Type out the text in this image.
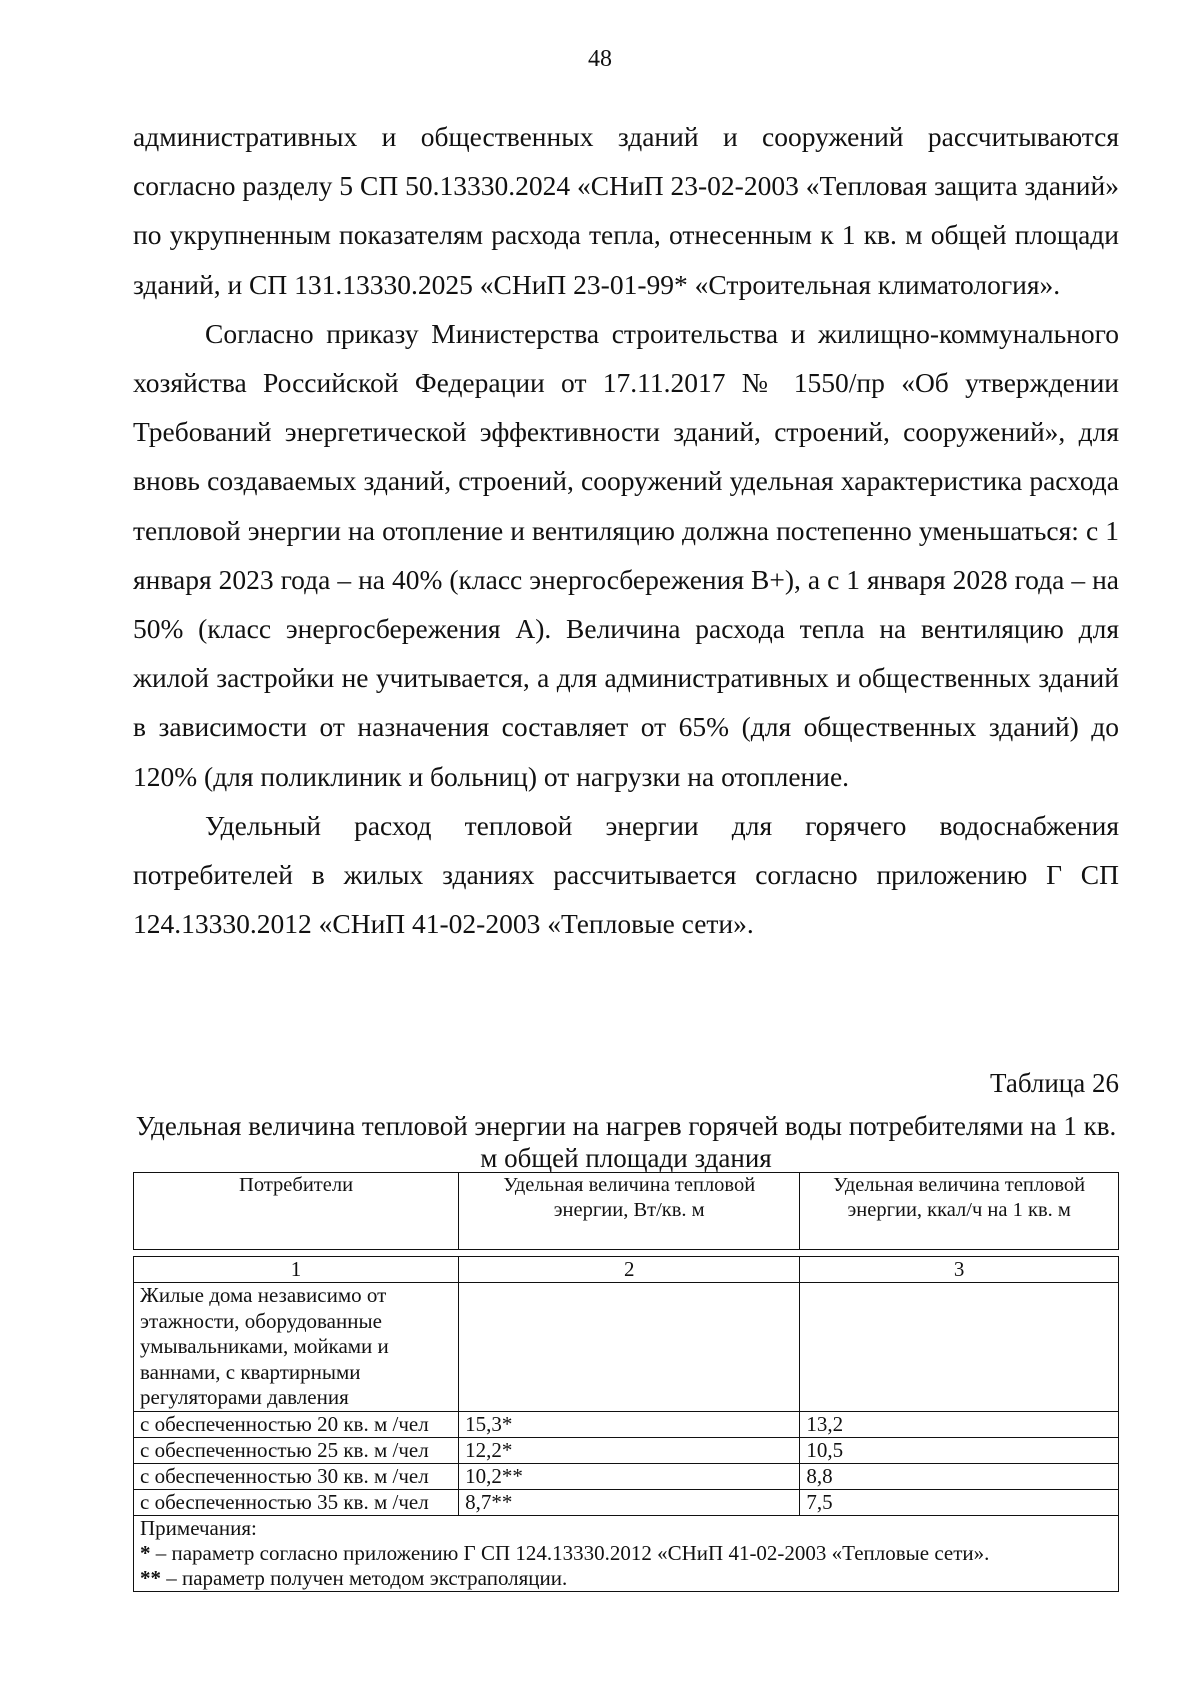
48

административных и общественных зданий и сооружений рассчитываются согласно разделу 5 СП 50.13330.2024 «СНиП 23-02-2003 «Тепловая защита зданий» по укрупненным показателям расхода тепла, отнесенным к 1 кв. м общей площади зданий, и СП 131.13330.2025 «СНиП 23-01-99* «Строительная климатология».

Согласно приказу Министерства строительства и жилищно-коммунального хозяйства Российской Федерации от 17.11.2017 № 1550/пр «Об утверждении Требований энергетической эффективности зданий, строений, сооружений», для вновь создаваемых зданий, строений, сооружений удельная характеристика расхода тепловой энергии на отопление и вентиляцию должна постепенно уменьшаться: с 1 января 2023 года – на 40% (класс энергосбережения В+), а с 1 января 2028 года – на 50% (класс энергосбережения А). Величина расхода тепла на вентиляцию для жилой застройки не учитывается, а для административных и общественных зданий в зависимости от назначения составляет от 65% (для общественных зданий) до 120% (для поликлиник и больниц) от нагрузки на отопление.

Удельный расход тепловой энергии для горячего водоснабжения потребителей в жилых зданиях рассчитывается согласно приложению Г СП 124.13330.2012 «СНиП 41-02-2003 «Тепловые сети».

Таблица 26
Удельная величина тепловой энергии на нагрев горячей воды потребителями на 1 кв. м общей площади здания
Потребители	Удельная величина тепловой энергии, Вт/кв. м	Удельная величина тепловой энергии, ккал/ч на 1 кв. м

1	2	3
Жилые дома независимо от этажности, оборудованные умывальниками, мойками и ваннами, с квартирными регуляторами давления		
с обеспеченностью 20 кв. м /чел	15,3*	13,2
с обеспеченностью 25 кв. м /чел	12,2*	10,5
с обеспеченностью 30 кв. м /чел	10,2**	8,8
с обеспеченностью 35 кв. м /чел	8,7**	7,5

Примечания:
* – параметр согласно приложению Г СП 124.13330.2012 «СНиП 41-02-2003 «Тепловые сети».
** – параметр получен методом экстраполяции.		
